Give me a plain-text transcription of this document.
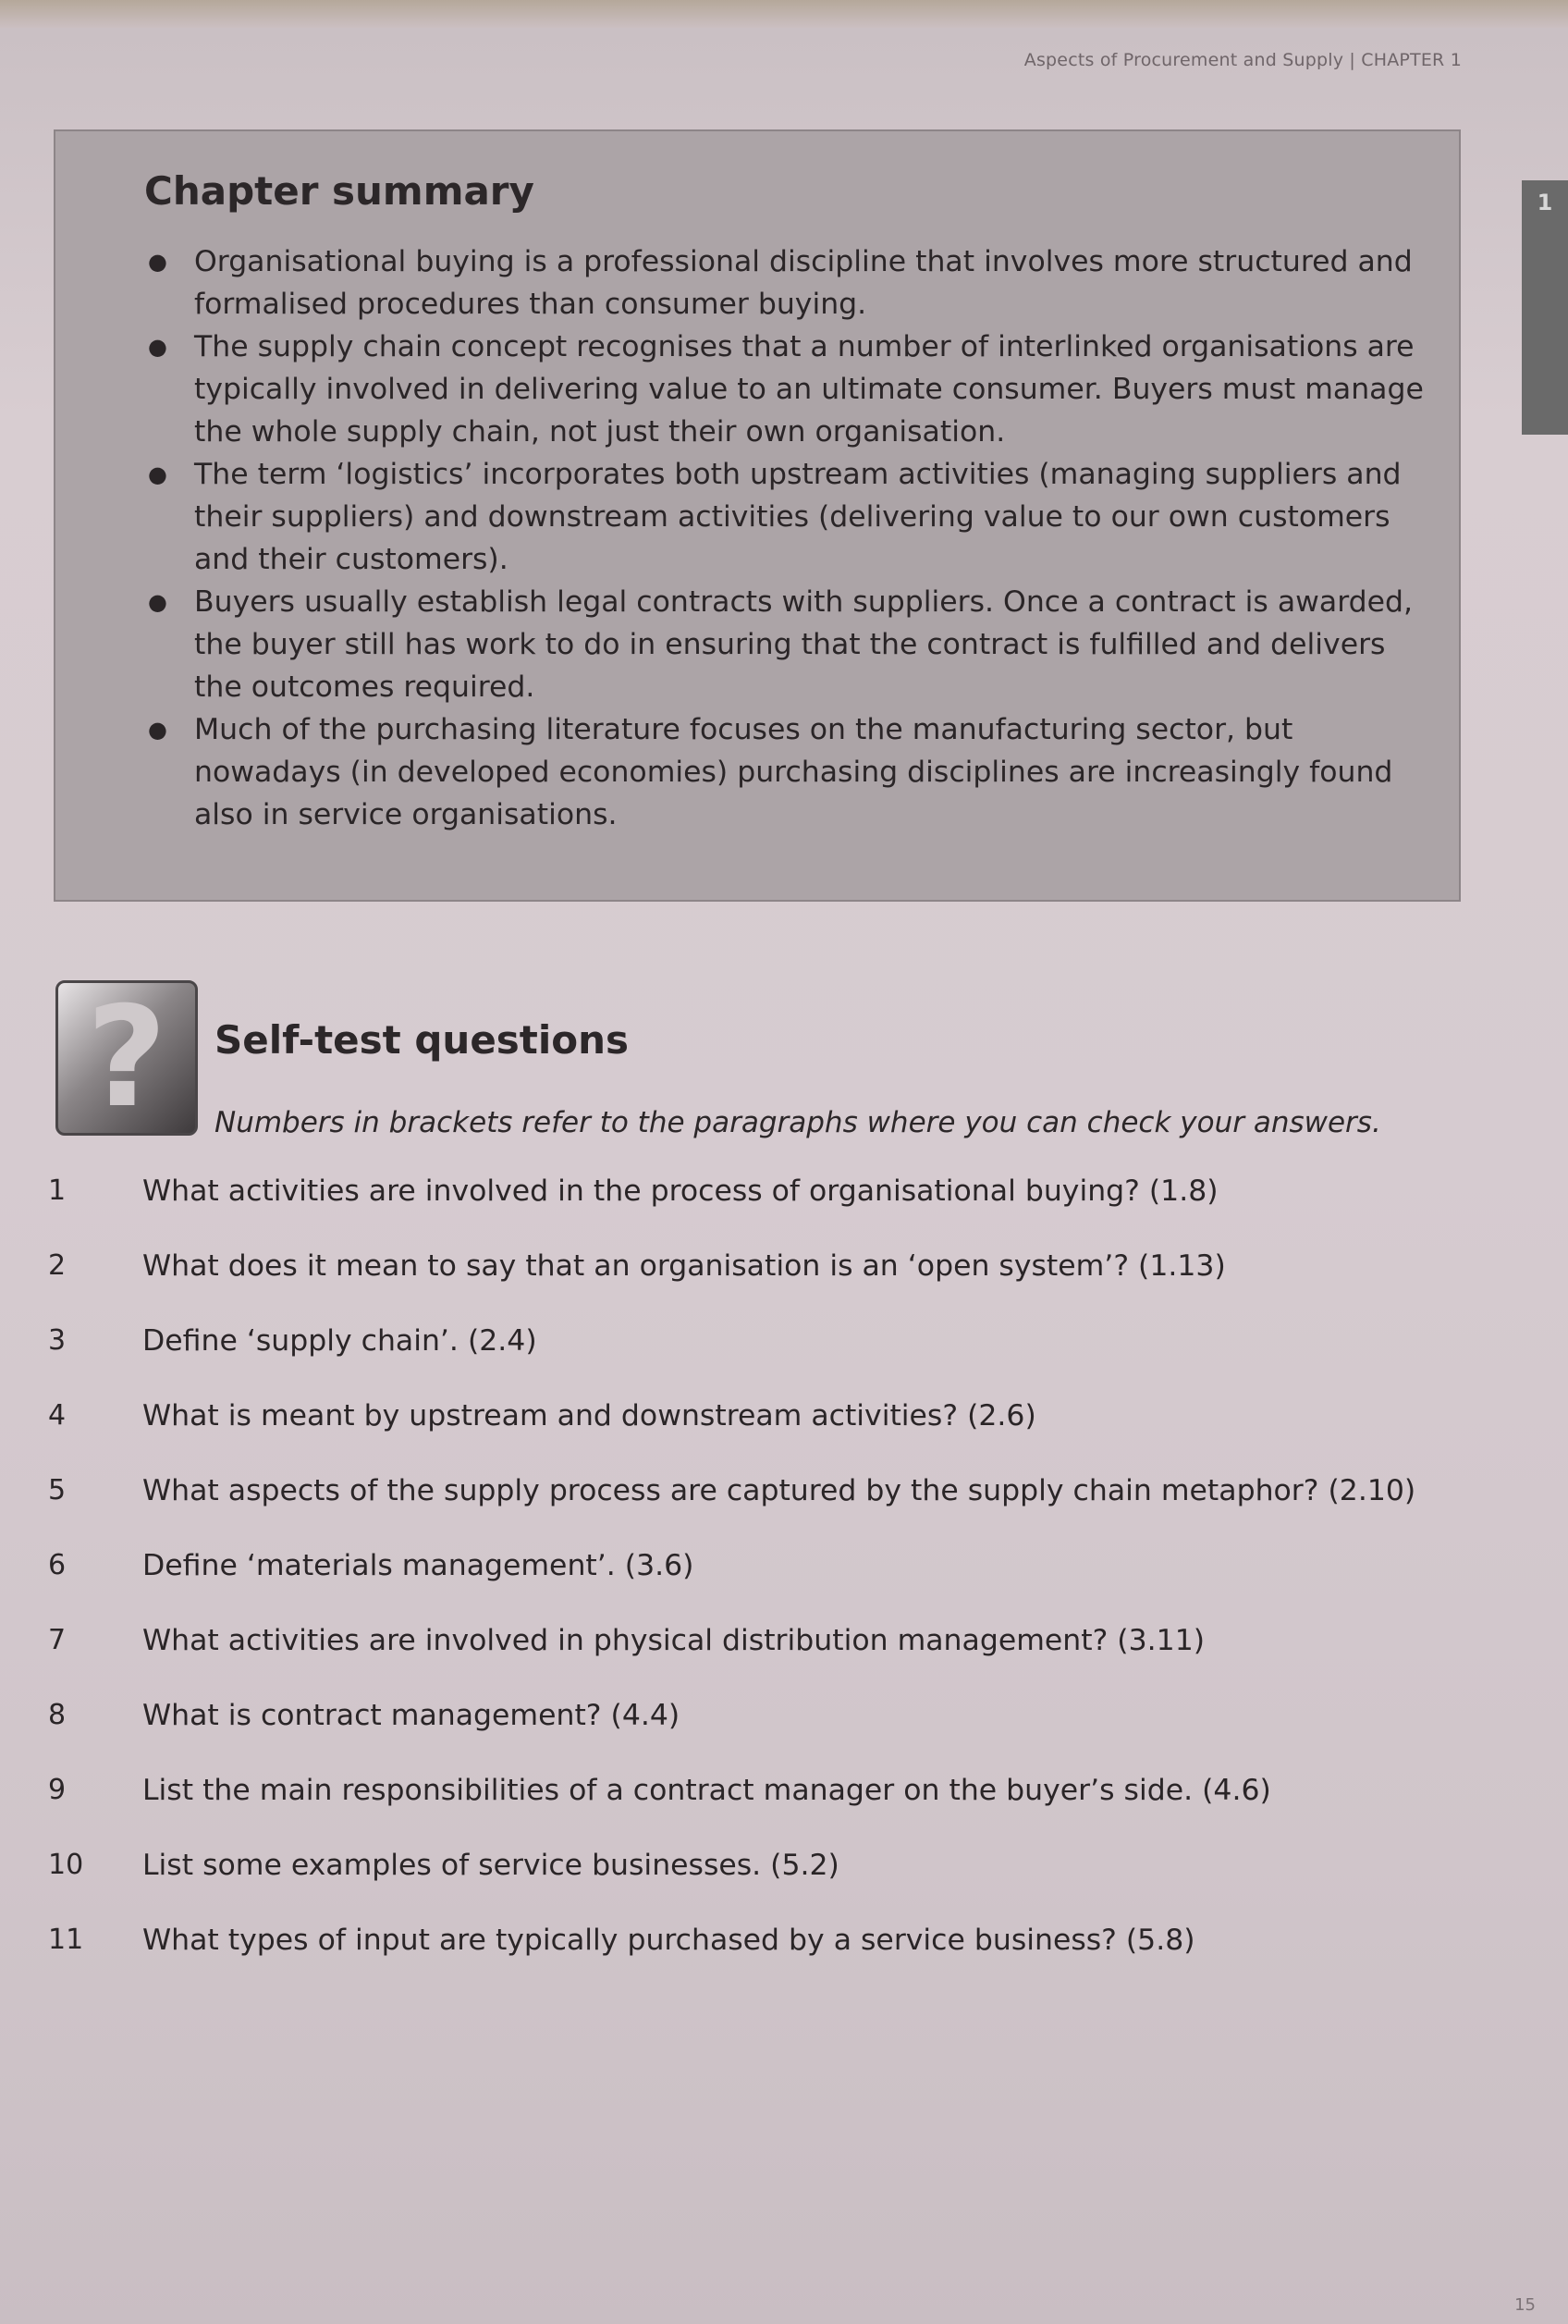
Aspects of Procurement and Supply | CHAPTER 1
1
Chapter summary
● Organisational buying is a professional discipline that involves more structured and formalised procedures than consumer buying.
● The supply chain concept recognises that a number of interlinked organisations are typically involved in delivering value to an ultimate consumer. Buyers must manage the whole supply chain, not just their own organisation.
● The term ‘logistics’ incorporates both upstream activities (managing suppliers and their suppliers) and downstream activities (delivering value to our own customers and their customers).
● Buyers usually establish legal contracts with suppliers. Once a contract is awarded, the buyer still has work to do in ensuring that the contract is fulfilled and delivers the outcomes required.
● Much of the purchasing literature focuses on the manufacturing sector, but nowadays (in developed economies) purchasing disciplines are increasingly found also in service organisations.
?	Self-test questions
Numbers in brackets refer to the paragraphs where you can check your answers.
1	What activities are involved in the process of organisational buying? (1.8)
2	What does it mean to say that an organisation is an ‘open system’? (1.13)
3	Define ‘supply chain’. (2.4)
4	What is meant by upstream and downstream activities? (2.6)
5	What aspects of the supply process are captured by the supply chain metaphor? (2.10)
6	Define ‘materials management’. (3.6)
7	What activities are involved in physical distribution management? (3.11)
8	What is contract management? (4.4)
9	List the main responsibilities of a contract manager on the buyer’s side. (4.6)
10	List some examples of service businesses. (5.2)
11	What types of input are typically purchased by a service business? (5.8)
15
